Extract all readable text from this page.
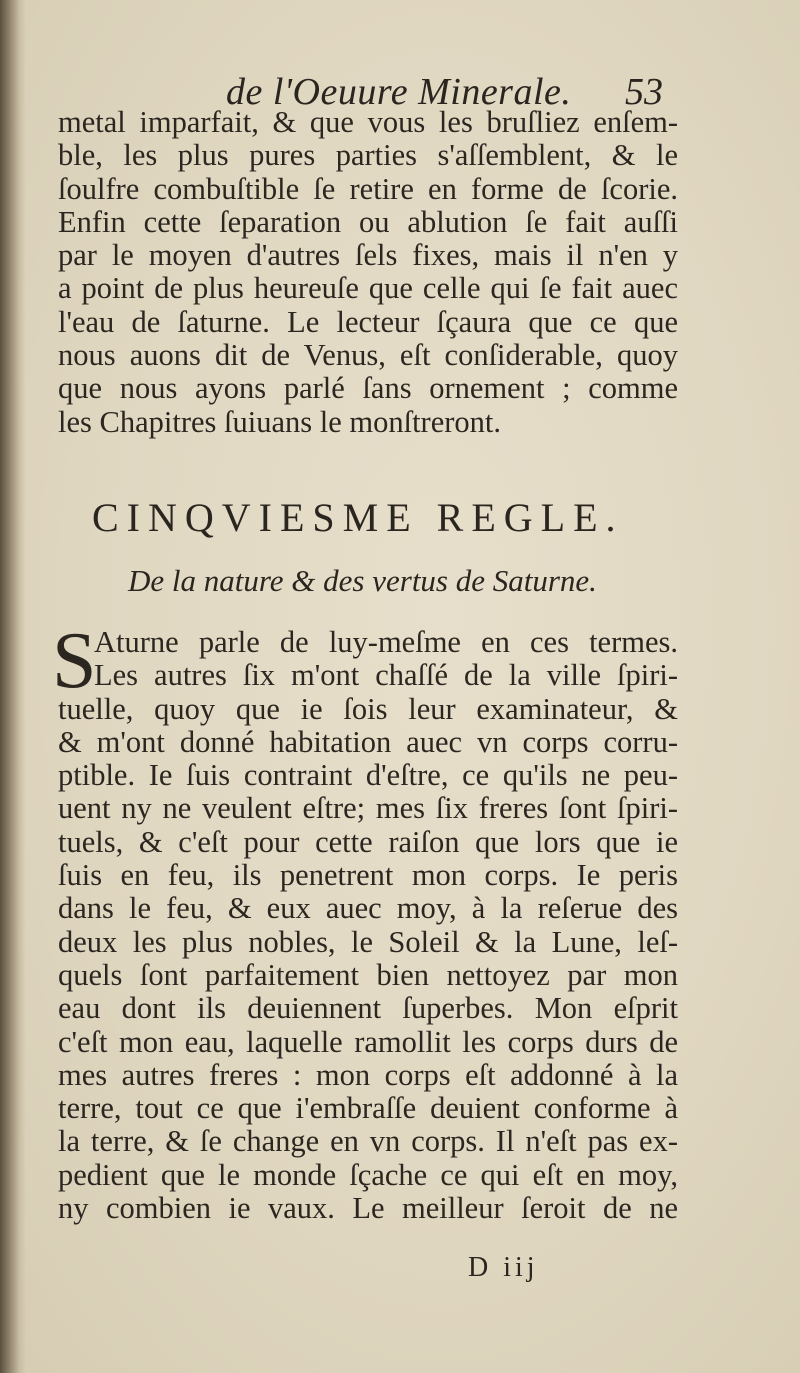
de l'Oeuure Minerale. 53
metal imparfait, & que vous les bruſliez enſem-
ble, les plus pures parties s'aſſemblent, & le
ſoulfre combuſtible ſe retire en forme de ſcorie.
Enfin cette ſeparation ou ablution ſe fait auſſi
par le moyen d'autres ſels fixes, mais il n'en y
a point de plus heureuſe que celle qui ſe fait auec
l'eau de ſaturne. Le lecteur ſçaura que ce que
nous auons dit de Venus, eſt conſiderable, quoy
que nous ayons parlé ſans ornement ; comme
les Chapitres ſuiuans le monſtreront.
CINQVIESME REGLE.
De la nature & des vertus de Saturne.
S
Aturne parle de luy-meſme en ces termes.
Les autres ſix m'ont chaſſé de la ville ſpiri-
tuelle, quoy que ie ſois leur examinateur, &
& m'ont donné habitation auec vn corps corru-
ptible. Ie ſuis contraint d'eſtre, ce qu'ils ne peu-
uent ny ne veulent eſtre; mes ſix freres ſont ſpiri-
tuels, & c'eſt pour cette raiſon que lors que ie
ſuis en feu, ils penetrent mon corps. Ie peris
dans le feu, & eux auec moy, à la reſerue des
deux les plus nobles, le Soleil & la Lune, leſ-
quels ſont parfaitement bien nettoyez par mon
eau dont ils deuiennent ſuperbes. Mon eſprit
c'eſt mon eau, laquelle ramollit les corps durs de
mes autres freres : mon corps eſt addonné à la
terre, tout ce que i'embraſſe deuient conforme à
la terre, & ſe change en vn corps. Il n'eſt pas ex-
pedient que le monde ſçache ce qui eſt en moy,
ny combien ie vaux. Le meilleur ſeroit de ne
D iij
